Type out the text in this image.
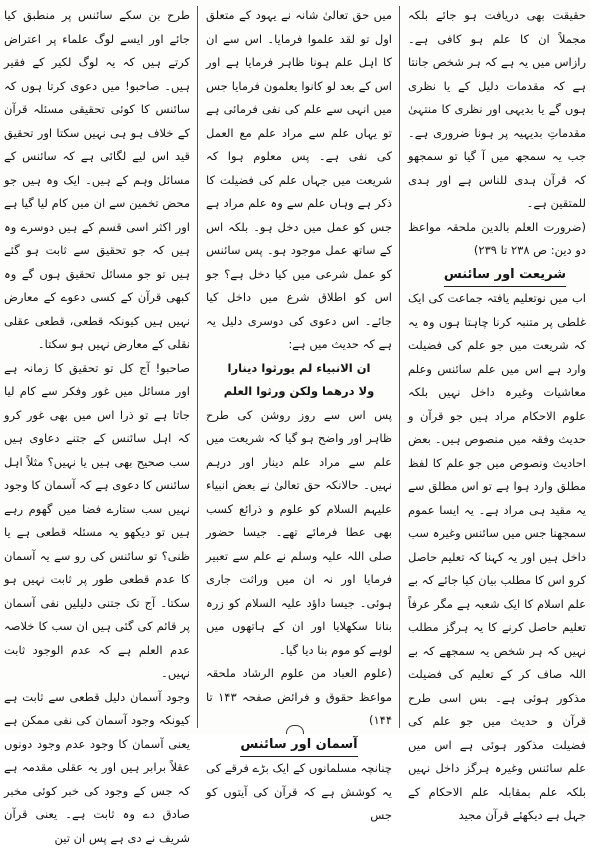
حقیقت بھی دریافت ہو جائے بلکہ مجملاً ان کا علم ہو کافی ہے۔ رازاس میں یہ ہے کہ ہر شخص جانتا ہے کہ مقدمات دلیل کے یا نظری ہوں گے یا بدیہی اور نظری کا منتہیٰ مقدماتِ بدیہیہ پر ہونا ضروری ہے۔ جب یہ سمجھ میں آ گیا تو سمجھو کہ قرآن ہدی للناس ہے اور ہدی للمتقین ہے۔

(ضرورت العلم بالدین ملحقہ مواعظ دو دین: ص ۲۳۸ تا ۲۳۹)

شریعت اور سائنس

اب میں نوتعلیم یافتہ جماعت کی ایک غلطی پر متنبہ کرنا چاہتا ہوں وہ یہ کہ شریعت میں جو علم کی فضیلت وارد ہے اس میں علم سائنس وعلم معاشیات وغیرہ داخل نہیں بلکہ علوم الاحکام مراد ہیں جو قرآن و حدیث وفقہ میں منصوص ہیں۔ بعض احادیث ونصوص میں جو علم کا لفظ مطلق وارد ہوا ہے تو اس مطلق سے یہ مقید ہی مراد ہے۔ یہ ایسا عموم سمجھنا جس میں سائنس وغیرہ سب داخل ہیں اور یہ کہنا کہ تعلیم حاصل کرو اس کا مطلب بیان کیا جائے کہ بے علم اسلام کا ایک شعبہ ہے مگر عرفاً تعلیم حاصل کرنے کا یہ ہرگز مطلب نہیں کہ ہر شخص یہ سمجھے کہ بے اللہ صاف کر کے تعلیم کی فضیلت مذکور ہوئی ہے۔ بس اسی طرح قرآن و حدیث میں جو علم کی فضیلت مذکور ہوئی ہے اس میں علم سائنس وغیرہ ہرگز داخل نہیں بلکہ علم بمقابلہ علم الاحکام کے جہل ہے دیکھئے قرآن مجید

میں حق تعالیٰ شانہ نے یہود کے متعلق اول تو لقد علموا فرمایا۔ اس سے ان کا اہل علم ہونا ظاہر فرمایا ہے اور اس کے بعد لو کانوا یعلمون فرمایا جس میں انہی سے علم کی نفی فرمائی ہے تو یہاں علم سے مراد علم مع العمل کی نفی ہے۔ پس معلوم ہوا کہ شریعت میں جہاں علم کی فضیلت کا ذکر ہے وہاں علم سے وہ علم مراد ہے جس کو عمل میں دخل ہو۔ بلکہ اس کے ساتھ عمل موجود ہو۔ پس سائنس کو عمل شرعی میں کیا دخل ہے؟ جو اس کو اطلاق شرع میں داخل کیا جائے۔ اس دعوی کی دوسری دلیل یہ ہے کہ حدیث میں ہے:

ان الانبیاء لم یورثوا دینارا

ولا درھما ولکن ورثوا العلم

پس اس سے روز روشن کی طرح ظاہر اور واضح ہو گیا کہ شریعت میں علم سے مراد علم دینار اور درہم نہیں۔ حالانکہ حق تعالیٰ نے بعض انبیاء علیہم السلام کو علوم و ذرائع کسب بھی عطا فرمائے تھے۔ جیسا حضور صلی اللہ علیہ وسلم نے علم سے تعبیر فرمایا اور نہ ان میں وراثت جاری ہوئی۔ جیسا داؤد علیہ السلام کو زرہ بنانا سکھلایا اور ان کے ہاتھوں میں لوہے کو موم بنا دیا گیا۔

(علوم العباد من علوم الرشاد ملحقہ مواعظ حقوق و فرائض صفحہ ۱۴۳ تا ۱۴۴)

آسمان اور سائنس

چنانچہ مسلمانوں کے ایک بڑے فرقے کی یہ کوشش ہے کہ قرآن کی آیتوں کو جس

طرح بن سکے سائنس پر منطبق کیا جائے اور ایسے لوگ علماء پر اعتراض کرتے ہیں کہ یہ لوگ لکیر کے فقیر ہیں۔ صاحبو! میں دعوی کرتا ہوں کہ سائنس کا کوئی تحقیقی مسئلہ قرآن کے خلاف ہو ہی نہیں سکتا اور تحقیق قید اس لیے لگائی ہے کہ سائنس کے مسائل وہم کے ہیں۔ ایک وہ ہیں جو محض تخمین سے ان میں کام لیا گیا ہے اور اکثر اسی قسم کے ہیں دوسرے وہ ہیں کہ جو تحقیق سے ثابت ہو گئے ہیں تو جو مسائل تحقیق ہوں گے وہ کبھی قرآن کے کسی دعوے کے معارض نہیں ہیں کیونکہ قطعی، قطعی عقلی نقلی کے معارض نہیں ہو سکتا۔

صاحبو! آج کل تو تحقیق کا زمانہ ہے اور مسائل میں غور وفکر سے کام لیا جاتا ہے تو ذرا اس میں بھی غور کرو کہ اہل سائنس کے جتنے دعاوی ہیں سب صحیح بھی ہیں یا نہیں؟ مثلاً اہل سائنس کا دعوی ہے کہ آسمان کا وجود نہیں سب ستارے فضا میں گھوم رہے ہیں تو دیکھو یہ مسئلہ قطعی ہے یا ظنی؟ تو سائنس کی رو سے یہ آسمان کا عدم قطعی طور پر ثابت نہیں ہو سکتا۔ آج تک جتنی دلیلیں نفی آسمان پر قائم کی گئی ہیں ان سب کا خلاصہ عدم العلم ہے کہ عدم الوجود ثابت نہیں۔

وجود آسمان دلیل قطعی سے ثابت ہے کیونکہ وجود آسمان کی نفی ممکن ہے یعنی آسمان کا وجود عدم وجود دونوں عقلاً برابر ہیں اور یہ عقلی مقدمہ ہے کہ جس کے وجود کی خبر کوئی مخبر صادق دے وہ ثابت ہے۔ یعنی قرآن شریف نے دی ہے پس ان تین
